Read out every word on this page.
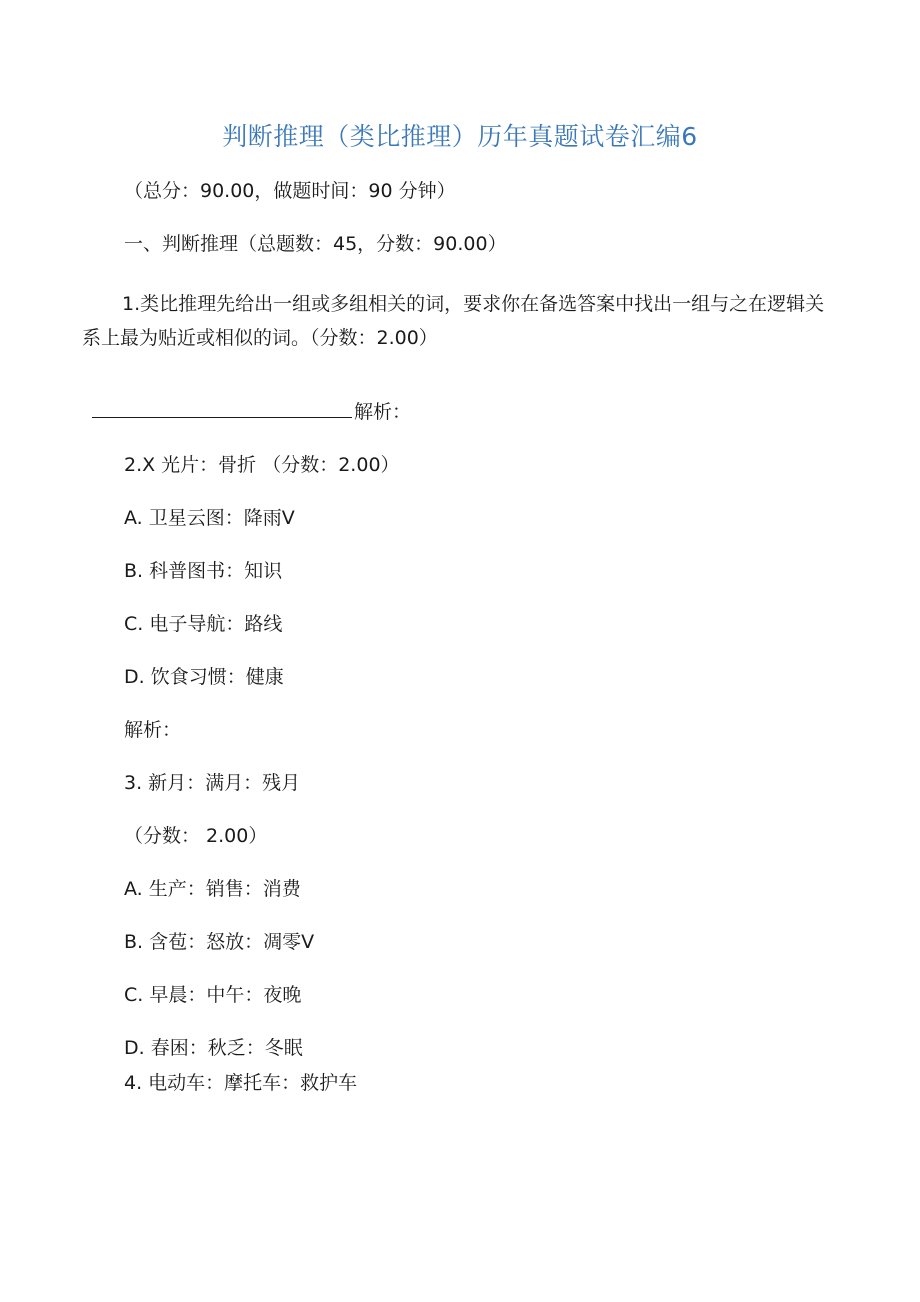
判断推理（类比推理）历年真题试卷汇编6
（总分：90.00，做题时间：90 分钟）
一、判断推理（总题数：45，分数：90.00）
1.类比推理先给出一组或多组相关的词，要求你在备选答案中找出一组与之在逻辑关系上最为贴近或相似的词。（分数：2.00）
解析：
2.X 光片：骨折 （分数：2.00）
A. 卫星云图：降雨V
B. 科普图书：知识
C. 电子导航：路线
D. 饮食习惯：健康
解析：
3. 新月：满月：残月
（分数： 2.00）
A. 生产：销售：消费
B. 含苞：怒放：凋零V
C. 早晨：中午：夜晚
D. 春困：秋乏：冬眠
4. 电动车：摩托车：救护车
